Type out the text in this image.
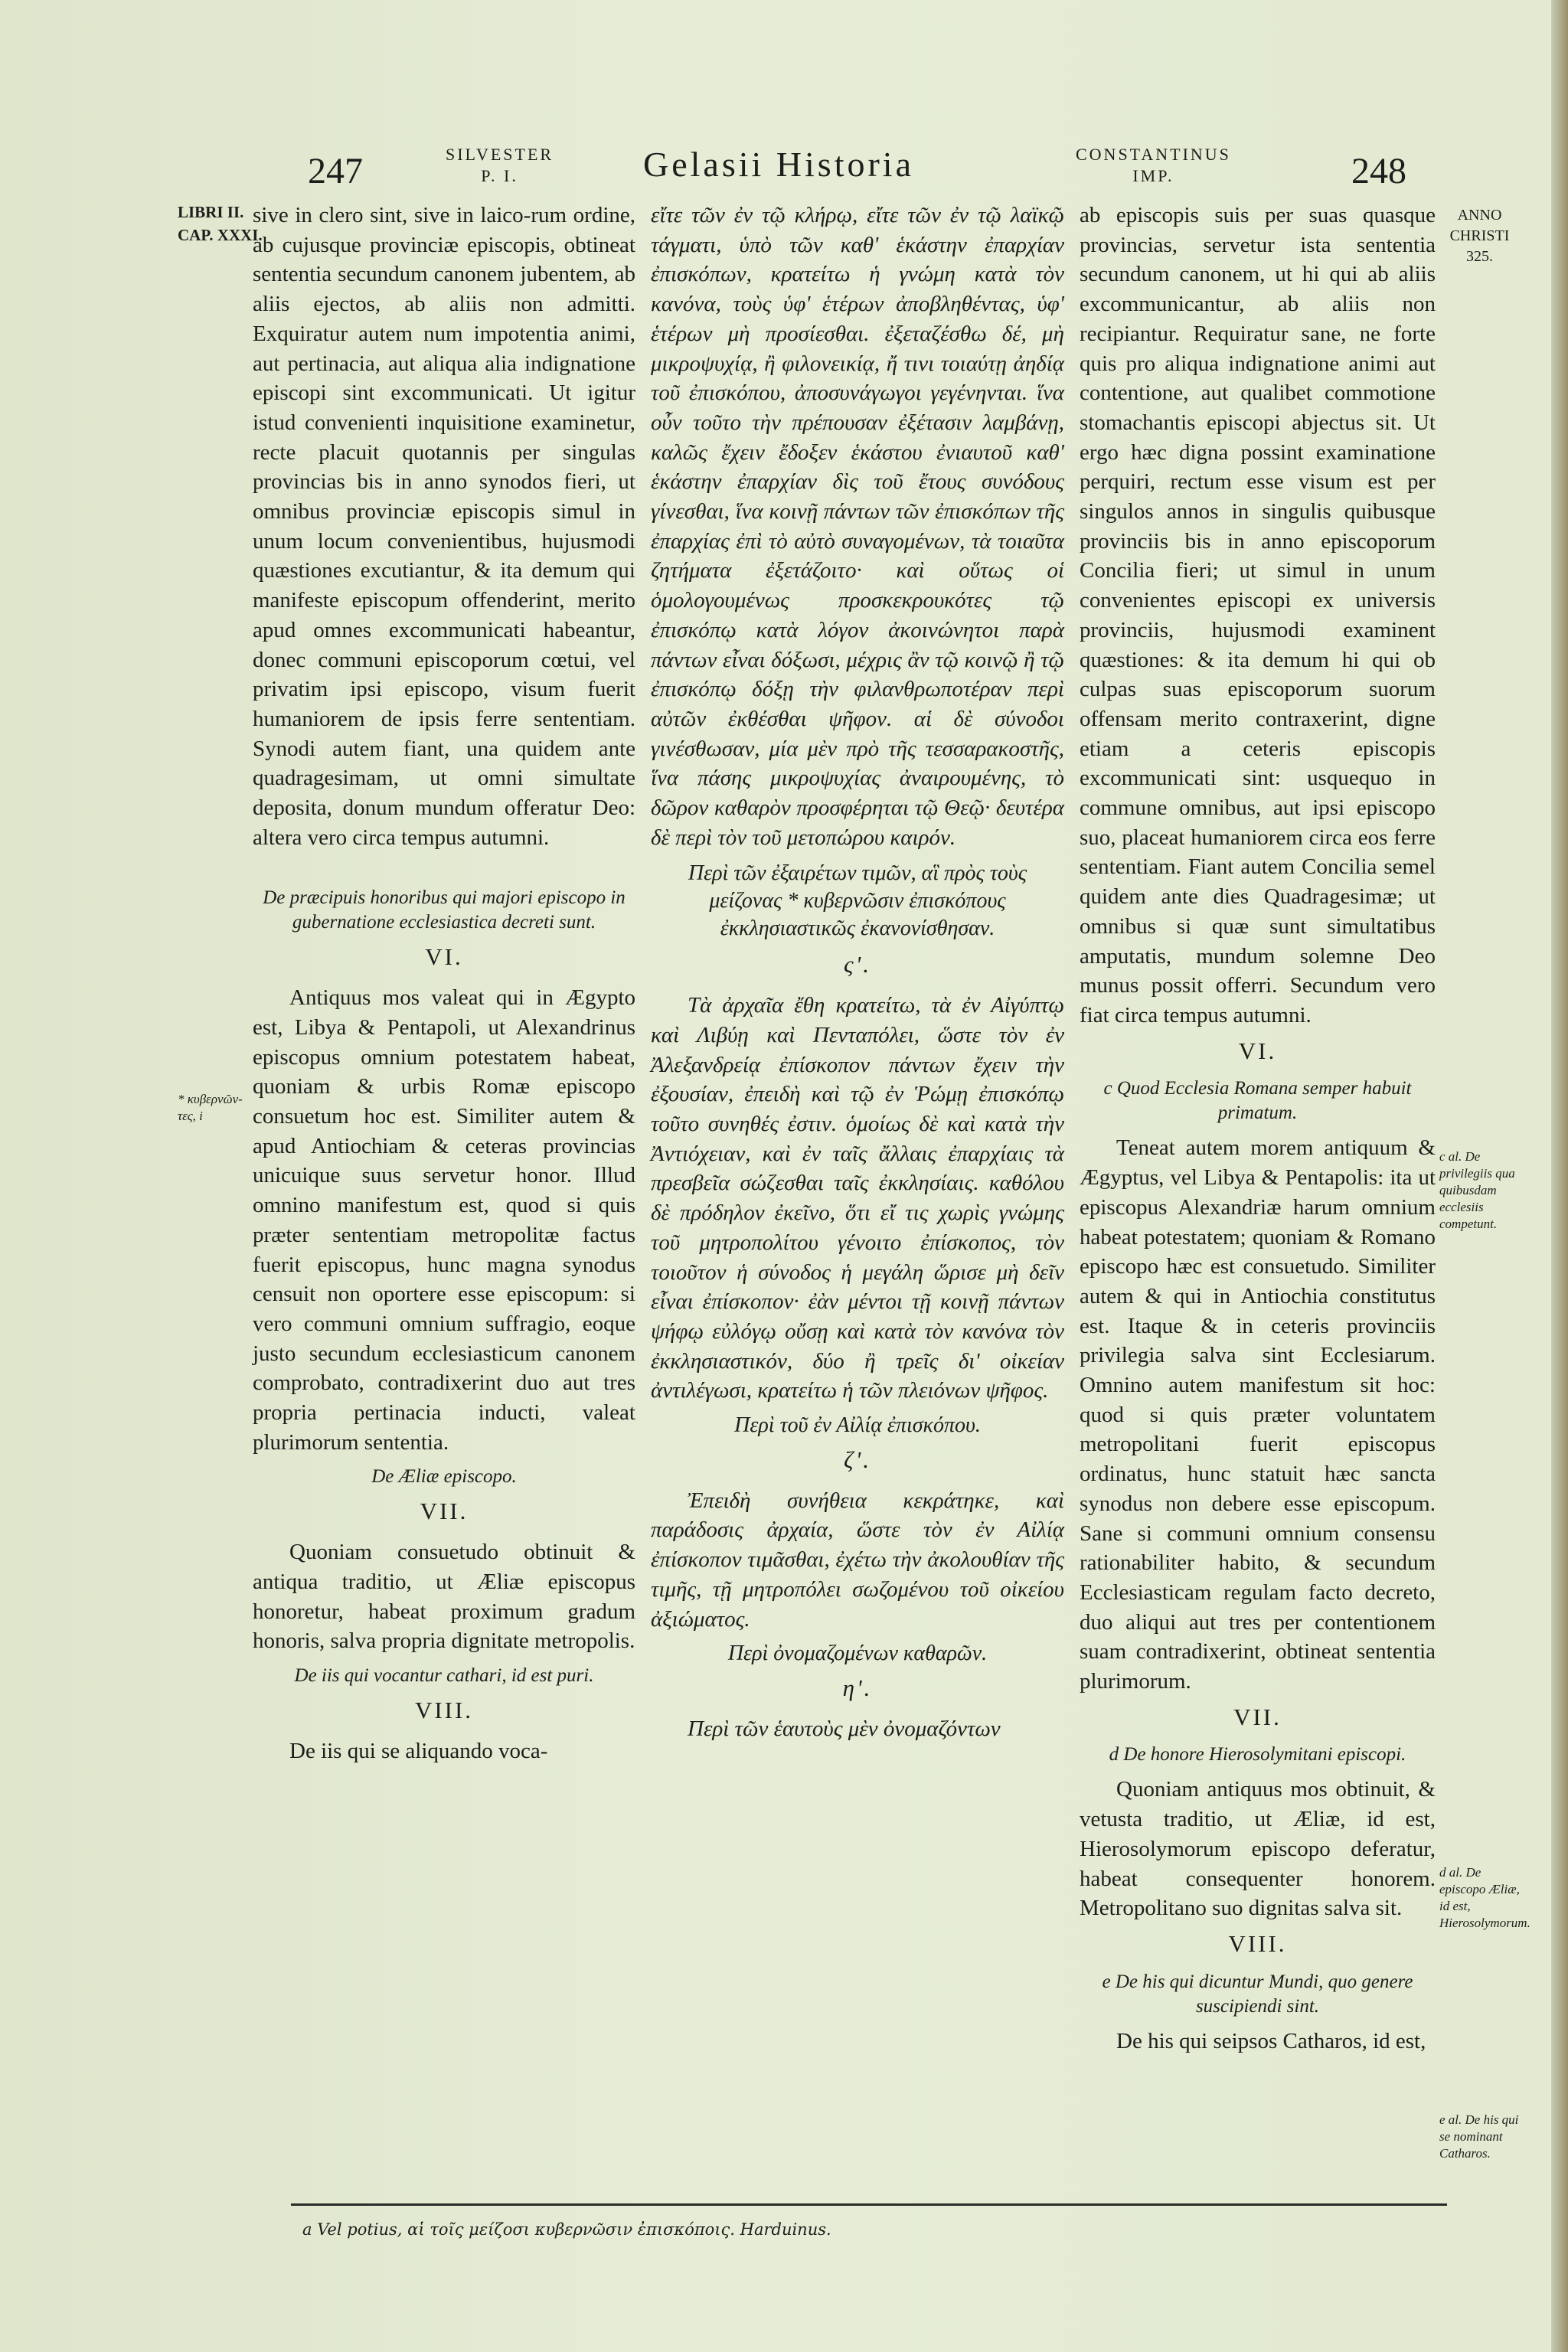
247	SILVESTER
P. I.	Gelasii Historia	CONSTANTINUS
IMP.	248
LIBRI II.
CAP. XXXI.
* κυβερνῶν-τες, i
ANNO
CHRISTI
325.
c al. De privilegiis qua quibusdam ecclesiis competunt.
d al. De episcopo Æliæ, id est, Hierosolymorum.
e al. De his qui se nominant Catharos.

sive in clero sint, sive in laico-rum ordine, ab cujusque provinciæ episcopis, obtineat sententia secundum canonem jubentem, ab aliis ejectos, ab aliis non admitti. Exquiratur autem num impotentia animi, aut pertinacia, aut aliqua alia indignatione episcopi sint excommunicati. Ut igitur istud convenienti inquisitione examinetur, recte placuit quotannis per singulas provincias bis in anno synodos fieri, ut omnibus provinciæ episcopis simul in unum locum convenientibus, hujusmodi quæstiones excutiantur, & ita demum qui manifeste episcopum offenderint, merito apud omnes excommunicati habeantur, donec communi episcoporum cœtui, vel privatim ipsi episcopo, visum fuerit humaniorem de ipsis ferre sententiam. Synodi autem fiant, una quidem ante quadragesimam, ut omni simultate deposita, donum mundum offeratur Deo: altera vero circa tempus autumni.

De præcipuis honoribus qui majori episcopo in gubernatione ecclesiastica decreti sunt.

VI.

Antiquus mos valeat qui in Ægypto est, Libya & Pentapoli, ut Alexandrinus episcopus omnium potestatem habeat, quoniam & urbis Romæ episcopo consuetum hoc est. Similiter autem & apud Antiochiam & ceteras provincias unicuique suus servetur honor. Illud omnino manifestum est, quod si quis præter sententiam metropolitæ factus fuerit episcopus, hunc magna synodus censuit non oportere esse episcopum: si vero communi omnium suffragio, eoque justo secundum ecclesiasticum canonem comprobato, contradixerint duo aut tres propria pertinacia inducti, valeat plurimorum sententia.

De Æliæ episcopo.

VII.

Quoniam consuetudo obtinuit & antiqua traditio, ut Æliæ episcopus honoretur, habeat proximum gradum honoris, salva propria dignitate metropolis.

De iis qui vocantur cathari, id est puri.

VIII.

De iis qui se aliquando voca-

εἴτε τῶν ἐν τῷ κλήρῳ, εἴτε τῶν ἐν τῷ λαϊκῷ τάγματι, ὑπὸ τῶν καθ' ἑκάστην ἐπαρχίαν ἐπισκόπων, κρατείτω ἡ γνώμη κατὰ τὸν κανόνα, τοὺς ὑφ' ἑτέρων ἀποβληθέντας, ὑφ' ἑτέρων μὴ προσίεσθαι. ἐξεταζέσθω δέ, μὴ μικροψυχίᾳ, ἢ φιλονεικίᾳ, ἤ τινι τοιαύτῃ ἀηδίᾳ τοῦ ἐπισκόπου, ἀποσυνάγωγοι γεγένηνται. ἵνα οὖν τοῦτο τὴν πρέπουσαν ἐξέτασιν λαμβάνῃ, καλῶς ἔχειν ἔδοξεν ἑκάστου ἐνιαυτοῦ καθ' ἑκάστην ἐπαρχίαν δὶς τοῦ ἔτους συνόδους γίνεσθαι, ἵνα κοινῇ πάντων τῶν ἐπισκόπων τῆς ἐπαρχίας ἐπὶ τὸ αὐτὸ συναγομένων, τὰ τοιαῦτα ζητήματα ἐξετάζοιτο· καὶ οὕτως οἱ ὁμολογουμένως προσκεκρουκότες τῷ ἐπισκόπῳ κατὰ λόγον ἀκοινώνητοι παρὰ πάντων εἶναι δόξωσι, μέχρις ἂν τῷ κοινῷ ἢ τῷ ἐπισκόπῳ δόξῃ τὴν φιλανθρωποτέραν περὶ αὐτῶν ἐκθέσθαι ψῆφον. αἱ δὲ σύνοδοι γινέσθωσαν, μία μὲν πρὸ τῆς τεσσαρακοστῆς, ἵνα πάσης μικροψυχίας ἀναιρουμένης, τὸ δῶρον καθαρὸν προσφέρηται τῷ Θεῷ· δευτέρα δὲ περὶ τὸν τοῦ μετοπώρου καιρόν.

Περὶ τῶν ἐξαιρέτων τιμῶν, αἳ πρὸς τοὺς μείζονας * κυβερνῶσιν ἐπισκόπους ἐκκλησιαστικῶς ἐκανονίσθησαν.

ς'.

Τὰ ἀρχαῖα ἔθη κρατείτω, τὰ ἐν Αἰγύπτῳ καὶ Λιβύῃ καὶ Πενταπόλει, ὥστε τὸν ἐν Ἀλεξανδρείᾳ ἐπίσκοπον πάντων ἔχειν τὴν ἐξουσίαν, ἐπειδὴ καὶ τῷ ἐν Ῥώμῃ ἐπισκόπῳ τοῦτο συνηθές ἐστιν. ὁμοίως δὲ καὶ κατὰ τὴν Ἀντιόχειαν, καὶ ἐν ταῖς ἄλλαις ἐπαρχίαις τὰ πρεσβεῖα σώζεσθαι ταῖς ἐκκλησίαις. καθόλου δὲ πρόδηλον ἐκεῖνο, ὅτι εἴ τις χωρὶς γνώμης τοῦ μητροπολίτου γένοιτο ἐπίσκοπος, τὸν τοιοῦτον ἡ σύνοδος ἡ μεγάλη ὥρισε μὴ δεῖν εἶναι ἐπίσκοπον· ἐὰν μέντοι τῇ κοινῇ πάντων ψήφῳ εὐλόγῳ οὔσῃ καὶ κατὰ τὸν κανόνα τὸν ἐκκλησιαστικόν, δύο ἢ τρεῖς δι' οἰκείαν ἀντιλέγωσι, κρατείτω ἡ τῶν πλειόνων ψῆφος.

Περὶ τοῦ ἐν Αἰλίᾳ ἐπισκόπου.

ζ'.

Ἐπειδὴ συνήθεια κεκράτηκε, καὶ παράδοσις ἀρχαία, ὥστε τὸν ἐν Αἰλίᾳ ἐπίσκοπον τιμᾶσθαι, ἐχέτω τὴν ἀκολουθίαν τῆς τιμῆς, τῇ μητροπόλει σωζομένου τοῦ οἰκείου ἀξιώματος.

Περὶ ὀνομαζομένων καθαρῶν.

η'.

Περὶ τῶν ἑαυτοὺς μὲν ὀνομαζόντων

ab episcopis suis per suas quasque provincias, servetur ista sententia secundum canonem, ut hi qui ab aliis excommunicantur, ab aliis non recipiantur. Requiratur sane, ne forte quis pro aliqua indignatione animi aut contentione, aut qualibet commotione stomachantis episcopi abjectus sit. Ut ergo hæc digna possint examinatione perquiri, rectum esse visum est per singulos annos in singulis quibusque provinciis bis in anno episcoporum Concilia fieri; ut simul in unum convenientes episcopi ex universis provinciis, hujusmodi examinent quæstiones: & ita demum hi qui ob culpas suas episcoporum suorum offensam merito contraxerint, digne etiam a ceteris episcopis excommunicati sint: usquequo in commune omnibus, aut ipsi episcopo suo, placeat humaniorem circa eos ferre sententiam. Fiant autem Concilia semel quidem ante dies Quadragesimæ; ut omnibus si quæ sunt simultatibus amputatis, mundum solemne Deo munus possit offerri. Secundum vero fiat circa tempus autumni.

VI.

c Quod Ecclesia Romana semper habuit primatum.

Teneat autem morem antiquum & Ægyptus, vel Libya & Pentapolis: ita ut episcopus Alexandriæ harum omnium habeat potestatem; quoniam & Romano episcopo hæc est consuetudo. Similiter autem & qui in Antiochia constitutus est. Itaque & in ceteris provinciis privilegia salva sint Ecclesiarum. Omnino autem manifestum sit hoc: quod si quis præter voluntatem metropolitani fuerit episcopus ordinatus, hunc statuit hæc sancta synodus non debere esse episcopum. Sane si communi omnium consensu rationabiliter habito, & secundum Ecclesiasticam regulam facto decreto, duo aliqui aut tres per contentionem suam contradixerint, obtineat sententia plurimorum.

VII.

d De honore Hierosolymitani episcopi.

Quoniam antiquus mos obtinuit, & vetusta traditio, ut Æliæ, id est, Hierosolymorum episcopo deferatur, habeat consequenter honorem. Metropolitano suo dignitas salva sit.

VIII.

e De his qui dicuntur Mundi, quo genere suscipiendi sint.

De his qui seipsos Catharos, id est,

a Vel potius, αἱ τοῖς μείζοσι κυβερνῶσιν ἐπισκόποις. Harduinus.
